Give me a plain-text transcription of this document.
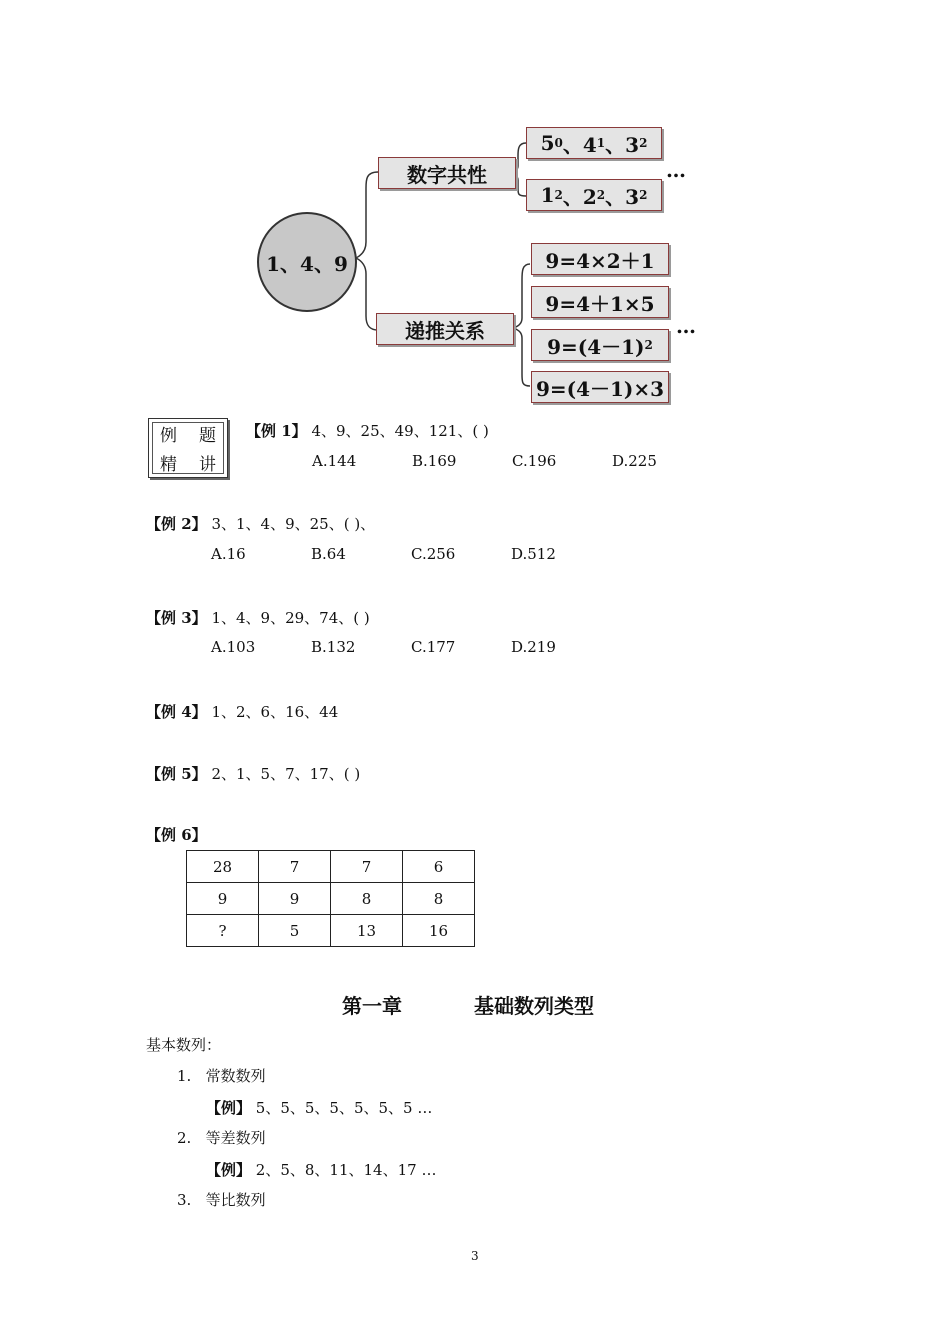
1、4、9
数字共性
递推关系
5 0 、4 1 、3 2
1 2 、2 2 、3 2
…
9=4×2＋1
9=4＋1×5
9=(4－1) 2
9=(4－1)×3
…
例 题
精 讲
【例 1】 4、9、25、49、121、( )
A.144	B.169	C.196	D.225
【例 2】 3、1、4、9、25、( )、
A.16	B.64	C.256	D.512
【例 3】 1、4、9、29、74、( )
A.103	B.132	C.177	D.219
【例 4】 1、2、6、16、44
【例 5】 2、1、5、7、17、( )
【例 6】
28	7	7	6
9	9	8	8
?	5	13	16
第一章	基础数列类型
基本数列：
1. 常数数列
【例】 5、5、5、5、5、5、5 …
2. 等差数列
【例】 2、5、8、11、14、17 …
3. 等比数列
3
